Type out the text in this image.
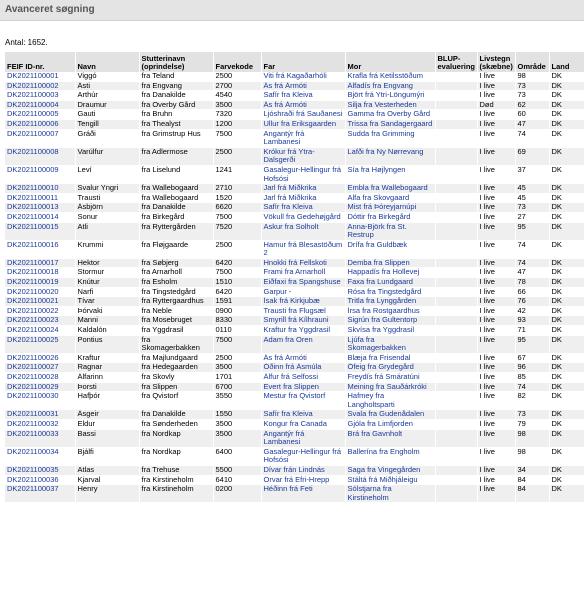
Avanceret søgning
Antal: 1652.
FEIF ID-nr.	Navn	Stutterinavn (oprindelse)	Farvekode	Far	Mor	BLUP-evaluering	Livstegn (skæbne)	Område	Land
DK2021100001	Viggó	fra Teland	2500	Viti frá Kagaðarhóli	Krafla frá Ketilsstöðum		I live	98	DK
DK2021100002	Ásti	fra Engvang	2700	Ás frá Ármóti	Álfadís fra Engvang		I live	73	DK
DK2021100003	Arthúr	fra Danakilde	4540	Safír fra Kleiva	Björt frá Ytri-Löngumýri		I live	73	DK
DK2021100004	Draumur	fra Overby Gård	3500	Ás frá Ármóti	Silja fra Vesterheden		Død	62	DK
DK2021100005	Gauti	fra Bruhn	7320	Ljóshraði frá Sauðanesi	Gamma fra Overby Gård		I live	60	DK
DK2021100006	Tengill	fra Thealyst	1200	Ullur fra Eriksgaarden	Trissa fra Sandagergaard		I live	47	DK
DK2021100007	Gráði	fra Grimstrup Hus	7500	Angantýr frá Lambanesi	Sudda fra Grimming		I live	74	DK
DK2021100008	Varúlfur	fra Adlermose	2500	Krókur frá Ytra-Dalsgerði	Lafði fra Ny Nørrevang		I live	69	DK
DK2021100009	Leví	fra Liselund	1241	Gasalegur-Hellingur frá Hofsósi	Sía fra Højlyngen		I live	37	DK
DK2021100010	Svalur Yngri	fra Wallebogaard	2710	Jarl frá Miðkrika	Embla fra Wallebogaard		I live	45	DK
DK2021100011	Trausti	fra Wallebogaard	1520	Jarl frá Miðkrika	Alfa fra Skovgaard		I live	45	DK
DK2021100013	Ásbjörn	fra Danakilde	6620	Safír fra Kleiva	Mist frá Þóreyjarnúpi		I live	73	DK
DK2021100014	Sonur	fra Birkegård	7500	Vökull fra Gedehøjgård	Dóttir fra Birkegård		I live	27	DK
DK2021100015	Atli	fra Ryttergården	7520	Askur fra Solholt	Anna-Björk fra St. Restrup		I live	95	DK
DK2021100016	Krummi	fra Fløjgaarde	2500	Hamur frá Blesastöðum 2	Drífa fra Guldbæk		I live	74	DK
DK2021100017	Hektor	fra Søbjerg	6420	Hnokki frá Fellskoti	Demba fra Slippen		I live	74	DK
DK2021100018	Stormur	fra Arnarholl	7500	Frami fra Arnarholl	Happadís fra Hollevej		I live	47	DK
DK2021100019	Knútur	fra Esholm	1510	Eiðfaxi fra Spangshuse	Faxa fra Lundgaard		I live	78	DK
DK2021100020	Narfi	fra Tingstedgård	6420	Garpur -	Rósa fra Tingstedgård		I live	66	DK
DK2021100021	Tívar	fra Ryttergaardhus	1591	Ísak frá Kirkjubæ	Tritla fra Lynggården		I live	76	DK
DK2021100022	Þórvaki	fra Neble	0900	Trausti fra Flugsæl	Írsa fra Rostgaardhus		I live	42	DK
DK2021100023	Manni	fra Mosebruget	8330	Smyrill frá Kílhrauni	Sigrún fra Gultentorp		I live	93	DK
DK2021100024	Kaldalón	fra Yggdrasil	0110	Kraftur fra Yggdrasil	Skvísa fra Yggdrasil		I live	71	DK
DK2021100025	Pontius	fra Skomagerbakken	7500	Adam fra Oren	Ljúfa fra Skomagerbakken		I live	95	DK
DK2021100026	Kraftur	fra Majlundgaard	2500	Ás frá Ármóti	Blæja fra Frisendal		I live	67	DK
DK2021100027	Ragnar	fra Hedegaarden	3500	Óðinn frá Ásmúla	Ófeig fra Grydegård		I live	96	DK
DK2021100028	Álfarinn	fra Skovly	1701	Álfur frá Selfossi	Freydís frá Smáratúni		I live	85	DK
DK2021100029	Þorsti	fra Slippen	6700	Evert fra Slippen	Meining fra Sauðárkróki		I live	74	DK
DK2021100030	Hafþór	fra Qvistorf	3550	Mestur fra Qvistorf	Hafmey fra Langholtsparti		I live	82	DK
DK2021100031	Ásgeir	fra Danakilde	1550	Safír fra Kleiva	Svala fra Gudenådalen		I live	73	DK
DK2021100032	Eldur	fra Sønderheden	3500	Kongur fra Canada	Gjóla fra Limfjorden		I live	79	DK
DK2021100033	Bassi	fra Nordkap	3500	Angantýr frá Lambanesi	Brá fra Gavnholt		I live	98	DK
DK2021100034	Bjálfi	fra Nordkap	6400	Gasalegur-Hellingur frá Hofsósi	Ballerína fra Engholm		I live	98	DK
DK2021100035	Atlas	fra Trehuse	5500	Dívar frán Lindnás	Saga fra Vingegården		I live	34	DK
DK2021100036	Kjarval	fra Kirstineholm	6410	Örvar frá Efri-Hrepp	Stáltá frá Miðhjáleigu		I live	84	DK
DK2021100037	Henry	fra Kirstineholm	0200	Héðinn frá Feti	Sólstjarna fra Kirstineholm		I live	84	DK
